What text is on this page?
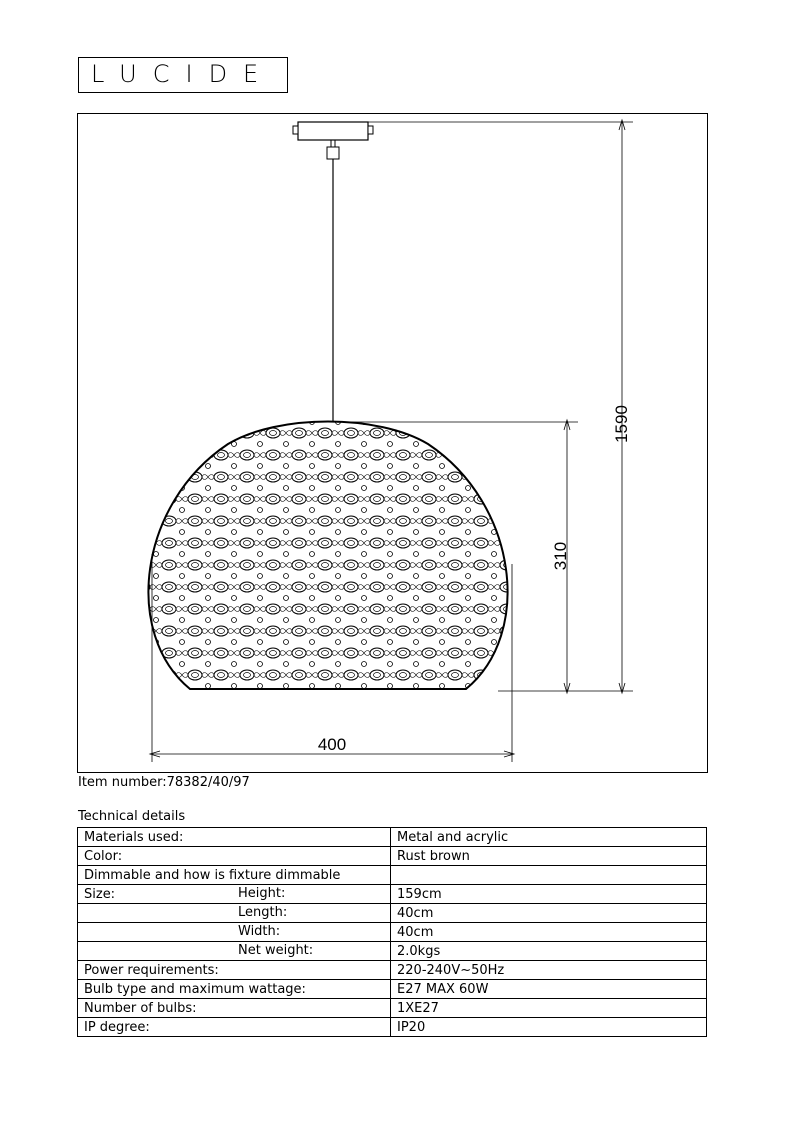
LUCIDE
1590
310
400
Item number:78382/40/97
Technical details
Materials used:	Metal and acrylic
Color:	Rust brown
Dimmable and how is fixture dimmable	
Size: Height:	159cm

Length:	40cm

Width:	40cm

Net weight:	2.0kgs
Power requirements:	220-240V~50Hz
Bulb type and maximum wattage:	E27 MAX 60W
Number of bulbs:	1XE27
IP degree:	IP20
